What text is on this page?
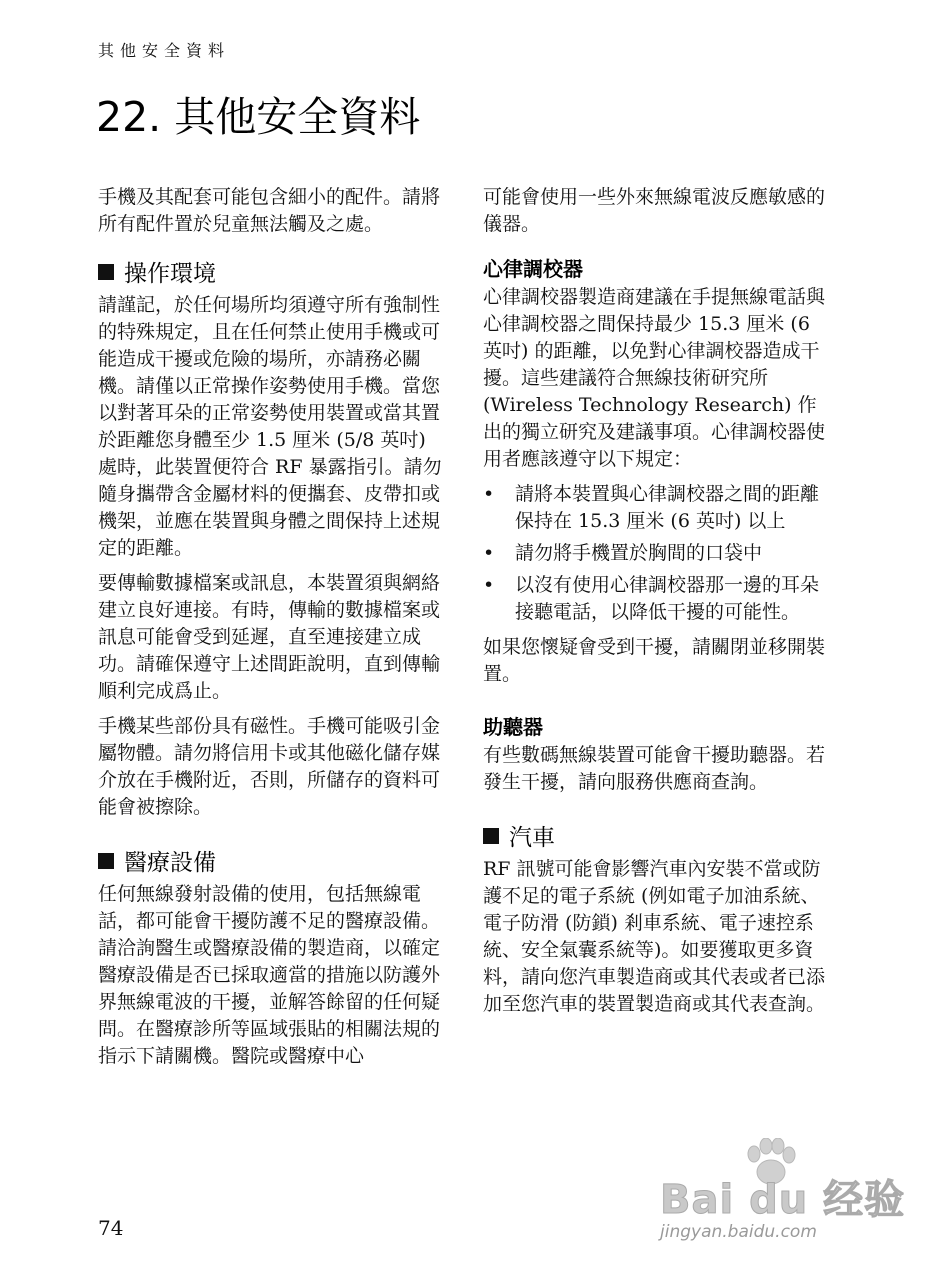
其他安全資料
22. 其他安全資料

手機及其配套可能包含細小的配件。請將所有配件置於兒童無法觸及之處。

操作環境

請謹記，於任何場所均須遵守所有強制性的特殊規定，且在任何禁止使用手機或可能造成干擾或危險的場所，亦請務必關機。請僅以正常操作姿勢使用手機。當您以對著耳朵的正常姿勢使用裝置或當其置於距離您身體至少 1.5 厘米 (5/8 英吋) 處時，此裝置便符合 RF 暴露指引。請勿隨身攜帶含金屬材料的便攜套、皮帶扣或機架，並應在裝置與身體之間保持上述規定的距離。

要傳輸數據檔案或訊息，本裝置須與網絡建立良好連接。有時，傳輸的數據檔案或訊息可能會受到延遲，直至連接建立成功。請確保遵守上述間距說明，直到傳輸順利完成爲止。

手機某些部份具有磁性。手機可能吸引金屬物體。請勿將信用卡或其他磁化儲存媒介放在手機附近，否則，所儲存的資料可能會被擦除。

醫療設備

任何無線發射設備的使用，包括無線電話，都可能會干擾防護不足的醫療設備。請洽詢醫生或醫療設備的製造商，以確定醫療設備是否已採取適當的措施以防護外界無線電波的干擾，並解答餘留的任何疑問。在醫療診所等區域張貼的相關法規的指示下請關機。醫院或醫療中心

可能會使用一些外來無線電波反應敏感的儀器。

心律調校器

心律調校器製造商建議在手提無線電話與心律調校器之間保持最少 15.3 厘米 (6 英吋) 的距離，以免對心律調校器造成干擾。這些建議符合無線技術研究所 (Wireless Technology Research) 作出的獨立研究及建議事項。心律調校器使用者應該遵守以下規定：

• 請將本裝置與心律調校器之間的距離保持在 15.3 厘米 (6 英吋) 以上
• 請勿將手機置於胸間的口袋中
• 以沒有使用心律調校器那一邊的耳朵接聽電話，以降低干擾的可能性。

如果您懷疑會受到干擾，請關閉並移開裝置。

助聽器

有些數碼無線裝置可能會干擾助聽器。若發生干擾，請向服務供應商查詢。

汽車

RF 訊號可能會影響汽車內安裝不當或防護不足的電子系統 (例如電子加油系統、電子防滑 (防鎖) 剎車系統、電子速控系統、安全氣囊系統等)。如要獲取更多資料，請向您汽車製造商或其代表或者已添加至您汽車的裝置製造商或其代表查詢。

74
Bai du 经验
jingyan.baidu.com
